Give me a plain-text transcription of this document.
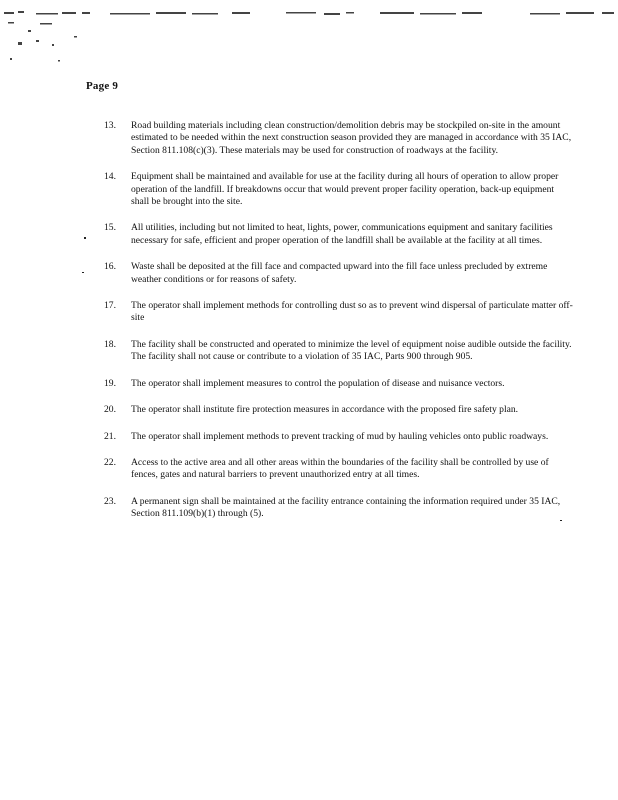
Page 9
13.	Road building materials including clean construction/demolition debris may be stockpiled on-site in the amount estimated to be needed within the next construction season provided they are managed in accordance with 35 IAC, Section 811.108(c)(3). These materials may be used for construction of roadways at the facility.
14.	Equipment shall be maintained and available for use at the facility during all hours of operation to allow proper operation of the landfill. If breakdowns occur that would prevent proper facility operation, back-up equipment shall be brought into the site.
15.	All utilities, including but not limited to heat, lights, power, communications equipment and sanitary facilities necessary for safe, efficient and proper operation of the landfill shall be available at the facility at all times.
16.	Waste shall be deposited at the fill face and compacted upward into the fill face unless precluded by extreme weather conditions or for reasons of safety.
17.	The operator shall implement methods for controlling dust so as to prevent wind dispersal of particulate matter off-site
18.	The facility shall be constructed and operated to minimize the level of equipment noise audible outside the facility. The facility shall not cause or contribute to a violation of 35 IAC, Parts 900 through 905.
19.	The operator shall implement measures to control the population of disease and nuisance vectors.
20.	The operator shall institute fire protection measures in accordance with the proposed fire safety plan.
21.	The operator shall implement methods to prevent tracking of mud by hauling vehicles onto public roadways.
22.	Access to the active area and all other areas within the boundaries of the facility shall be controlled by use of fences, gates and natural barriers to prevent unauthorized entry at all times.
23.	A permanent sign shall be maintained at the facility entrance containing the information required under 35 IAC, Section 811.109(b)(1) through (5).
